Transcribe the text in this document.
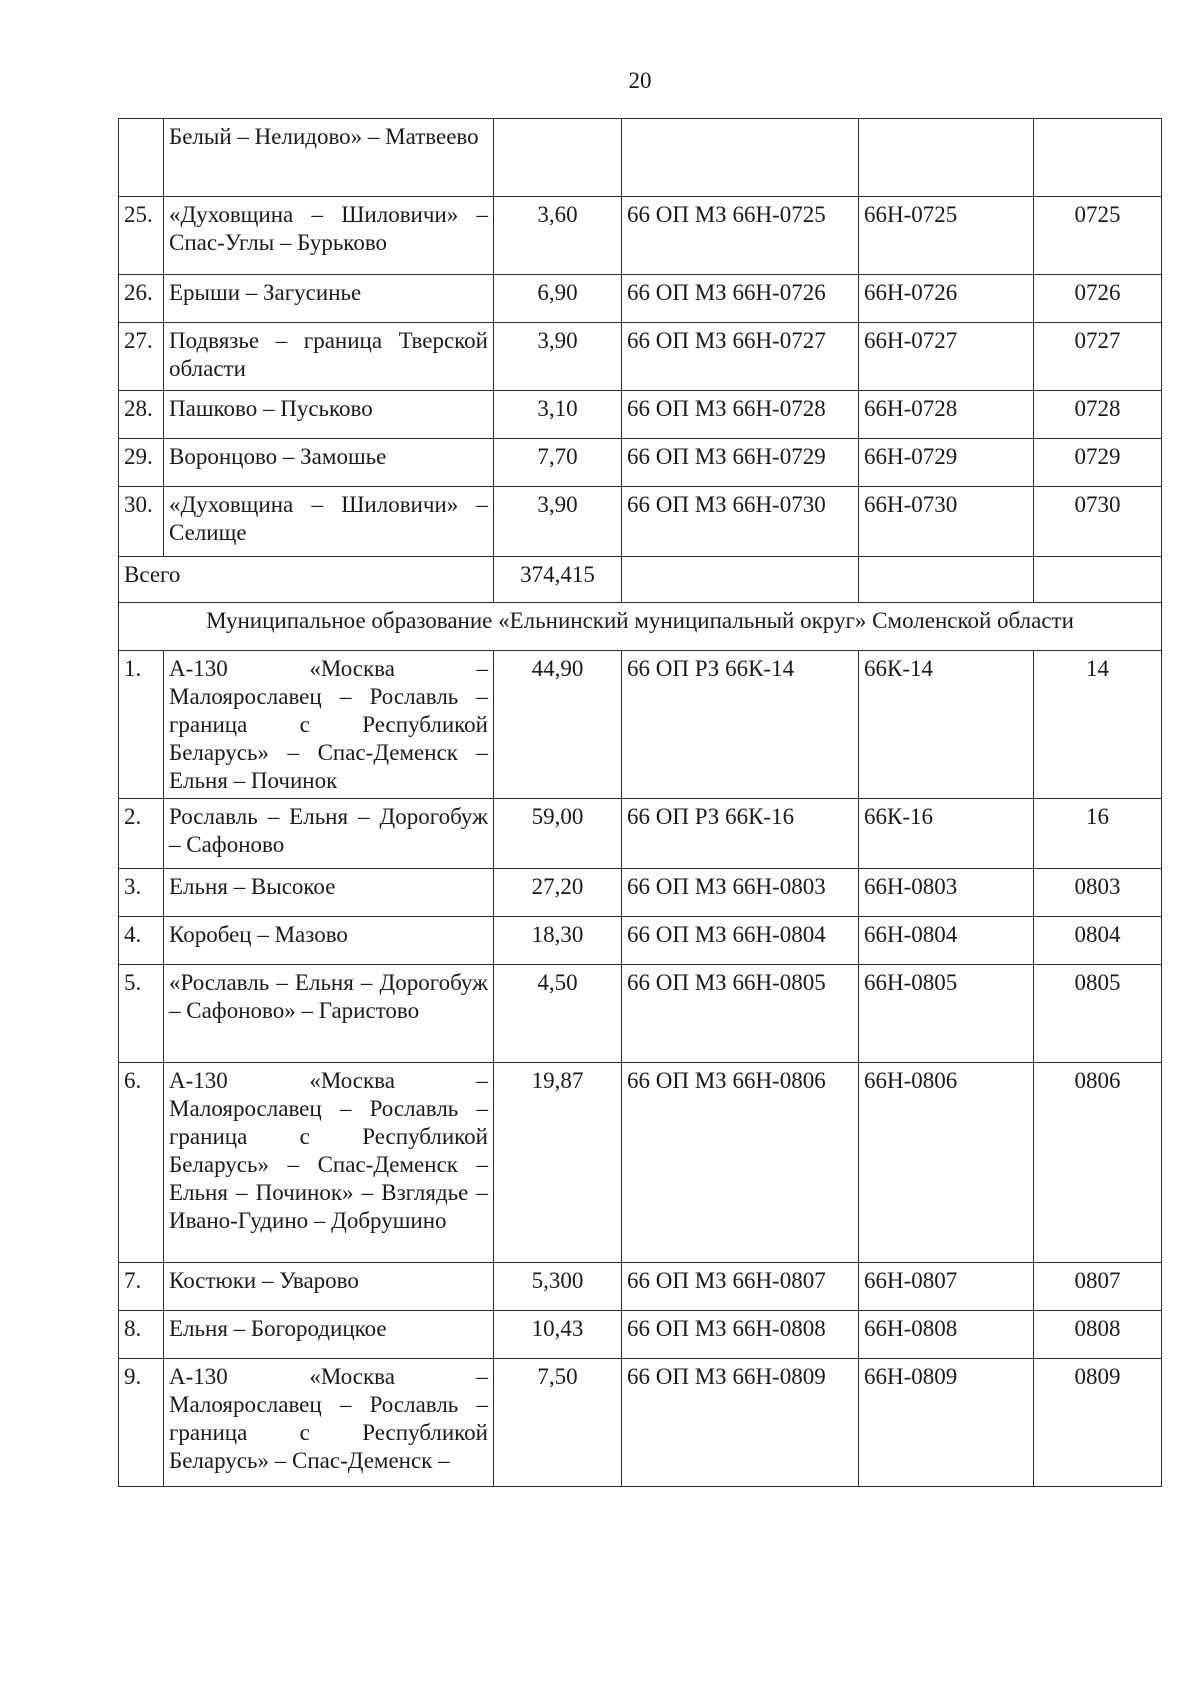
20
	Белый – Нелидово» – Матвеево				
25.	«Духовщина – Шиловичи» – Спас-Углы – Бурьково	3,60	66 ОП МЗ 66Н-0725	66Н-0725	0725
26.	Ерыши – Загусинье	6,90	66 ОП МЗ 66Н-0726	66Н-0726	0726
27.	Подвязье – граница Тверской области	3,90	66 ОП МЗ 66Н-0727	66Н-0727	0727
28.	Пашково – Пуськово	3,10	66 ОП МЗ 66Н-0728	66Н-0728	0728
29.	Воронцово – Замошье	7,70	66 ОП МЗ 66Н-0729	66Н-0729	0729
30.	«Духовщина – Шиловичи» – Селище	3,90	66 ОП МЗ 66Н-0730	66Н-0730	0730
Всего		374,415			
Муниципальное образование «Ельнинский муниципальный округ» Смоленской области					
1.	А-130 «Москва – Малоярославец – Рославль – граница с Республикой Беларусь» – Спас-Деменск – Ельня – Починок	44,90	66 ОП РЗ 66К-14	66К-14	14
2.	Рославль – Ельня – Дорогобуж – Сафоново	59,00	66 ОП РЗ 66К-16	66К-16	16
3.	Ельня – Высокое	27,20	66 ОП МЗ 66Н-0803	66Н-0803	0803
4.	Коробец – Мазово	18,30	66 ОП МЗ 66Н-0804	66Н-0804	0804
5.	«Рославль – Ельня – Дорогобуж – Сафоново» – Гаристово	4,50	66 ОП МЗ 66Н-0805	66Н-0805	0805
6.	А-130 «Москва – Малоярославец – Рославль – граница с Республикой Беларусь» – Спас-Деменск – Ельня – Починок» – Взглядье – Ивано-Гудино – Добрушино	19,87	66 ОП МЗ 66Н-0806	66Н-0806	0806
7.	Костюки – Уварово	5,300	66 ОП МЗ 66Н-0807	66Н-0807	0807
8.	Ельня – Богородицкое	10,43	66 ОП МЗ 66Н-0808	66Н-0808	0808
9.	А-130 «Москва – Малоярославец – Рославль – граница с Республикой Беларусь» – Спас-Деменск –	7,50	66 ОП МЗ 66Н-0809	66Н-0809	0809
